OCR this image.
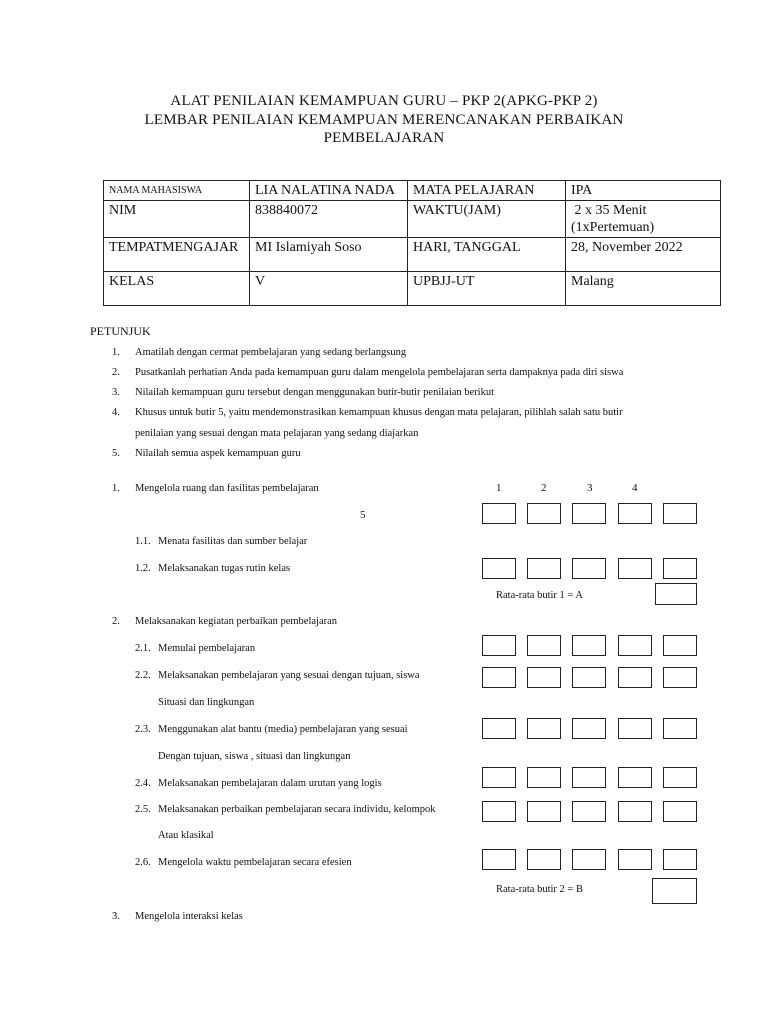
ALAT PENILAIAN KEMAMPUAN GURU – PKP 2(APKG-PKP 2)
LEMBAR PENILAIAN KEMAMPUAN MERENCANAKAN PERBAIKAN
PEMBELAJARAN
NAMA MAHASISWA	LIA NALATINA NADA	MATA PELAJARAN	IPA
NIM	838840072	WAKTU(JAM)	2 x 35 Menit
(1xPertemuan)

TEMPATMENGAJAR	MI Islamiyah Soso	HARI, TANGGAL	28, November 2022
KELAS	V	UPBJJ-UT	Malang
PETUNJUK
1. Amatilah dengan cermat pembelajaran yang sedang berlangsung
2. Pusatkanlah perhatian Anda pada kemampuan guru dalam mengelola pembelajaran serta dampaknya pada diri siswa
3. Nilailah kemampuan guru tersebut dengan menggunakan butir-butir penilaian berikut
4. Khusus untuk butir 5, yaitu mendemonstrasikan kemampuan khusus dengan mata pelajaran, pilihlah salah satu butir
penilaian yang sesuai dengan mata pelajaran yang sedang diajarkan
5. Nilailah semua aspek kemampuan guru
1. Mengelola ruang dan fasilitas pembelajaran	1	2	3	4
5
1.1. Menata fasilitas dan sumber belajar
1.2. Melaksanakan tugas rutin kelas
Rata-rata butir 1 = A
2. Melaksanakan kegiatan perbaikan pembelajaran
2.1. Memulai pembelajaran
2.2. Melaksanakan pembelajaran yang sesuai dengan tujuan, siswa
Situasi dan lingkungan
2.3. Menggunakan alat bantu (media) pembelajaran yang sesuai
Dengan tujuan, siswa , situasi dan lingkungan
2.4. Melaksanakan pembelajaran dalam urutan yang logis
2.5. Melaksanakan perbaikan pembelajaran secara individu, kelompok
Atau klasikal
2.6. Mengelola waktu pembelajaran secara efesien
Rata-rata butir 2 = B
3. Mengelola interaksi kelas
